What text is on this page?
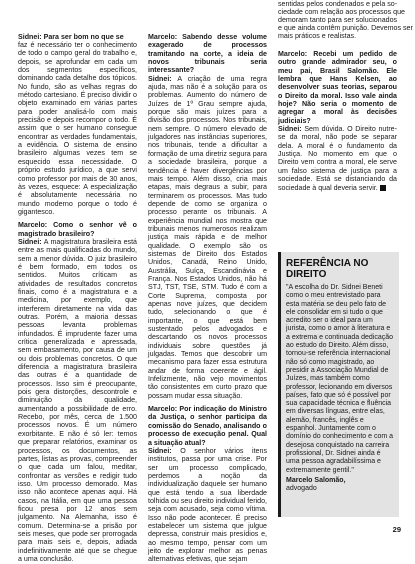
Sidnei: Para ser bom no que se
sentidas pelos condenados e pela so-
ciedade com relação aos processos que
demoram tanto para ser solucionados
e que ainda contêm punição. Devemos ser
mais práticos e realistas.

faz é necessário ter o conhecimento de todo o campo geral do trabalho e, depois, se aprofundar em cada um dos segmentos específicos, dominando cada detalhe dos tópicos. No fundo, são as velhas regras do método cartesiano. É preciso dividir o objeto examinado em várias partes para poder analisá-lo com mais precisão e depois recompor o todo. É assim que o ser humano consegue encontrar as verdades fundamentais, a evidência. O sistema de ensino brasileiro algumas vezes tem se esquecido essa necessidade. O próprio estudo jurídico, a que servi como professor por mais de 30 anos, às vezes, esquece: A especialização é absolutamente necessária no mundo moderno porque o todo é gigantesco.

Marcelo: Como o senhor vê o magistrado brasileiro?

Sidnei: A magistratura brasileira está entre as mais qualificadas do mundo, sem a menor dúvida. O juiz brasileiro é bem formado, em todos os sentidos. Muitos críticam as atividades de resultados concretos finais, como é a magistratura e a medicina, por exemplo, que interferem diretamente na vida das outras. Porém, a maioria dessas pessoas levanta problemas infundados. É imprudente fazer uma crítica generalizada e apressada, sem embasamento, por causa de um ou dois problemas concretos. O que diferencia a magistratura brasileira das outras é a quantidade de processos. Isso sim é preocupante, pois gera distorções, descontrole e diminuição da qualidade, aumentando a possibilidade de erro. Recebo, por mês, cerca de 1.500 processos novos. É um número exorbitante. E não é só ler: temos que preparar relatórios, examinar os processos, os documentos, as partes, listas as provas, compreender o que cada um falou, meditar, confrontar as versões e redigir tudo isso. Um processo demorado. Mas isso não acontece apenas aqui. Há casos, na Itália, em que uma pessoa ficou presa por 12 anos sem julgamento. Na Alemanha, isso é comum. Determina-se a prisão por seis meses, que pode ser prorrogada para mais seis e, depois, adiada indefinitivamente até que se chegue a uma conclusão.

Marcelo: Sabendo desse volume exagerado de processos tramitando na corte, a ideia de novos tribunais seria interessante?

Sidnei: A criação de uma regra ajuda, mas não é a solução para os problemas. Aumento do número de Juízes de 1º Grau sempre ajuda, porque são mais juízes para a divisão dos processos. Nos tribunais, nem sempre. O número elevado de julgadores nas instâncias superiores, nos tribunais, tende a dificultar a formação de uma diretriz segura para a sociedade brasileira, porque a tendência é haver divergências por mais tempo. Além disso, cria mais etapas, mais degraus a subir, para terminarem os processos. Mas tudo depende de como se organiza o processo perante os tribunais. A experiência mundial nos mostra que tribunais menos numerosos realizam justiça mais rápida e de melhor qualidade. O exemplo são os sistemas de Direito dos Estados Unidos, Canadá, Reino Unido, Austrália, Suíça, Escandinávia e França. Nos Estados Unidos, não há STJ, TST, TSE, STM. Tudo é com a Corte Suprema, composta por apenas nove juízes, que decidem tudo, selecionando o que é importante, o que está bem sustentado pelos advogados e descartando os novos processos individuais sobre questões já julgadas. Temos que descobrir um mecanismo para fazer essa estrutura andar de forma coerente e ágil. Infelizmente, não vejo movimentos tão consistentes em curto prazo que possam mudar essa situação.

Marcelo: Por indicação do Ministro da Justiça, o senhor participa da comissão do Senado, analisando o processo de execução penal. Qual a situação atual?

Sidnei: O senhor vários itens institutos, passa por uma crise. Por ser um processo complicado, perdemos a noção da individualização daquele ser humano que está tendo a sua liberdade tolhida ou seu direito individual ferido, seja com acusado, seja como vítima. Isso não pode acontecer. É preciso estabelecer um sistema que julgue depressa, construir mais presídios e, ao mesmo tempo, pensar com um jeito de explorar melhor as penas alternativas efetivas, que sejam

Marcelo: Recebi um pedido de outro grande admirador seu, o meu pai, Brasil Salomão. Ele lembra que Hans Kelsen, ao desenvolver suas teorias, separou o Direito da moral. Isso vale ainda hoje? Não seria o momento de agregar a moral às decisões judiciais?

Sidnei: Sem dúvida. O Direito nutre-se da moral, não pode se separar dela. A moral é o fundamento da Justiça. No momento em que o Direito vem contra a moral, ele serve um falso sistema de justiça para a sociedade. Está se distanciando da sociedade à qual deveria servir.

REFERÊNCIA NO DIREITO
"A escolha do Dr. Sidnei Beneti como o meu entrevistado para esta matéria se deu pelo fato de ele consolidar em si tudo o que acredito ser o ideal para um jurista, como o amor à literatura e a extrema e continuada dedicação ao estudo do Direito. Além disso, tornou-se referência internacional não só como magistrado, ao presidir a Associação Mundial de Juízes, mas também como professor, lecionando em diversos países, fato que só é possível por sua capacidade técnica e fluência em diversas línguas, entre elas, alemão, francês, inglês e espanhol. Juntamente com o domínio do conhecimento e com a desejosa conquistado na carreira profissional, Dr. Sidnei ainda é uma pessoa agradabilíssima e extremamente gentil."
Marcelo Salomão,
advogado
29
